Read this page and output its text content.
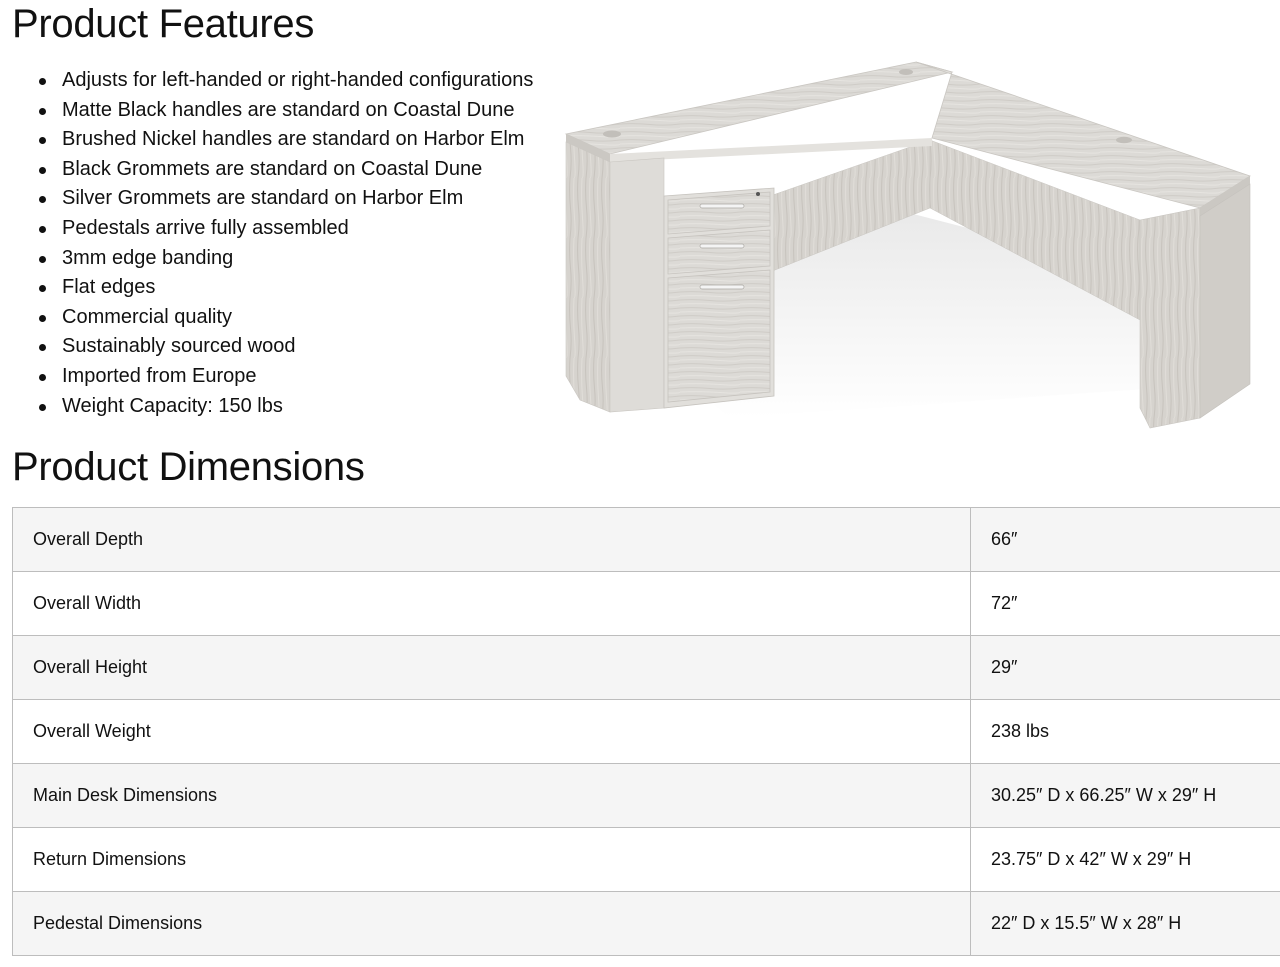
Product Features
Adjusts for left-handed or right-handed configurations
Matte Black handles are standard on Coastal Dune
Brushed Nickel handles are standard on Harbor Elm
Black Grommets are standard on Coastal Dune
Silver Grommets are standard on Harbor Elm
Pedestals arrive fully assembled
3mm edge banding
Flat edges
Commercial quality
Sustainably sourced wood
Imported from Europe
Weight Capacity: 150 lbs
Product Dimensions
Overall Depth	66″
Overall Width	72″
Overall Height	29″
Overall Weight	238 lbs
Main Desk Dimensions	30.25″ D x 66.25″ W x 29″ H
Return Dimensions	23.75″ D x 42″ W x 29″ H
Pedestal Dimensions	22″ D x 15.5″ W x 28″ H
